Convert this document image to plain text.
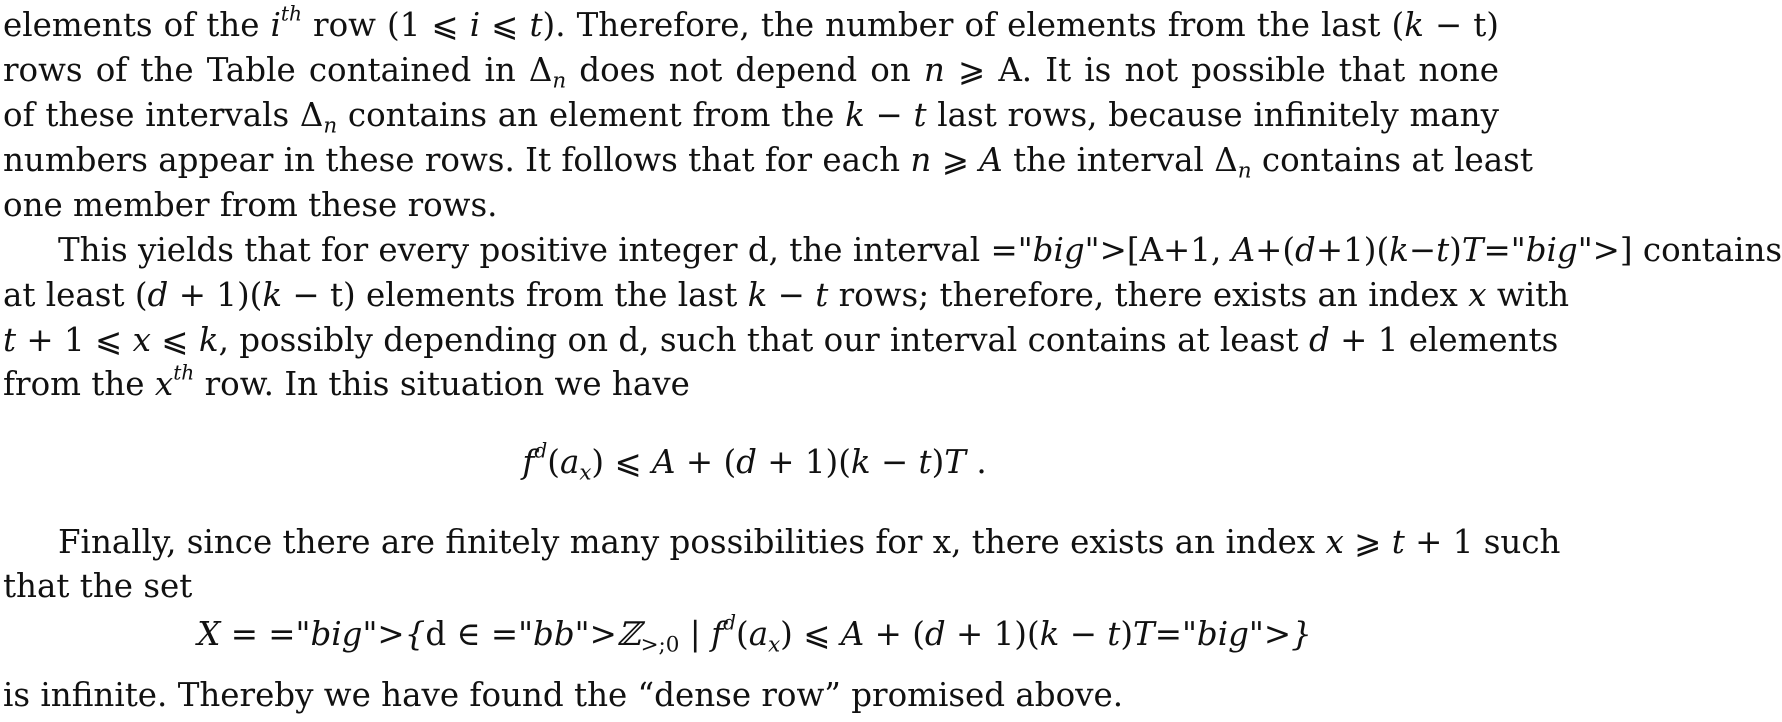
elements of the $i^{th}$ row (1 ⩽ i ⩽ t). Therefore, the number of elements from the last (k − t)
rows of the Table contained in $\Delta_n$ does not depend on n ⩾ A. It is not possible that none
of these intervals $\Delta_n$ contains an element from the k − t last rows, because infinitely many
numbers appear in these rows. It follows that for each n ⩾ A the interval $\Delta_n$ contains at least
one member from these rows.
This yields that for every positive integer d, the interval ="big">[A+1, A+(d+1)(k−t)T="big">] contains
at least (d + 1)(k − t) elements from the last k − t rows; therefore, there exists an index x with
t + 1 ⩽ x ⩽ k, possibly depending on d, such that our interval contains at least d + 1 elements
from the $x^{th}$ row. In this situation we have
$f^d(a_x)$ ⩽ A + (d + 1)(k − t)T .
Finally, since there are finitely many possibilities for x, there exists an index x ⩾ t + 1 such
that the set
X = ="big">{d ∈ ="bb">ℤ$_{>;0}$ | $f^d(a_x)$ ⩽ A + (d + 1)(k − t)T="big">}
is infinite. Thereby we have found the “dense row” promised above.
